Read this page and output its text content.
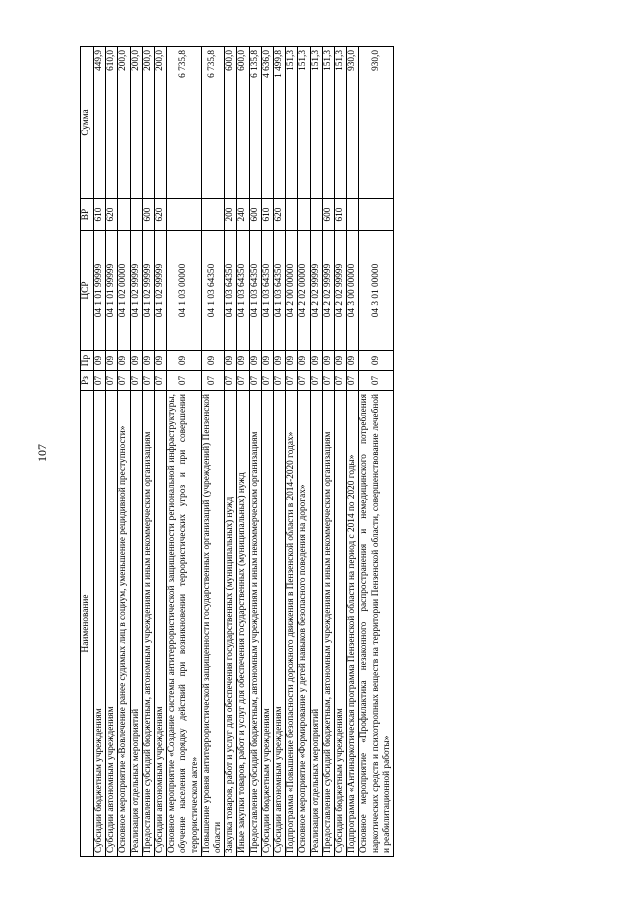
107
Наименование	Рз	Пр	ЦСР	ВР	Сумма
Субсидии бюджетным учреждениям	07	09	04 1 01 99999	610	449,9
Субсидии автономным учреждениям	07	09	04 1 01 99999	620	610,0
Основное мероприятие «Вовлечение ранее судимых лиц в социум, уменьшение рецидивной преступности»	07	09	04 1 02 00000		200,0
Реализация отдельных мероприятий	07	09	04 1 02 99999		200,0
Предоставление субсидий бюджетным, автономным учреждениям и иным некоммерческим организациям	07	09	04 1 02 99999	600	200,0
Субсидии автономным учреждениям	07	09	04 1 02 99999	620	200,0
Основное мероприятие «Создание системы антитеррористической защищенности региональной инфраструктуры, обучение населения порядку действий при возникновении террористических угроз и при совершении террористическом акте»	07	09	04 1 03 00000		6 735,8
Повышение уровня антитеррористической защищенности государственных организаций (учреждений) Пензенской области	07	09	04 1 03 64350		6 735,8
Закупка товаров, работ и услуг для обеспечения государственных (муниципальных) нужд	07	09	04 1 03 64350	200	600,0
Иные закупки товаров, работ и услуг для обеспечения государственных (муниципальных) нужд	07	09	04 1 03 64350	240	600,0
Предоставление субсидий бюджетным, автономным учреждениям и иным некоммерческим организациям	07	09	04 1 03 64350	600	6 135,8
Субсидии бюджетным учреждениям	07	09	04 1 03 64350	610	4 636,0
Субсидии автономным учреждениям	07	09	04 1 03 64350	620	1 499,8
Подпрограмма «Повышение безопасности дорожного движения в Пензенской области в 2014-2020 годах»	07	09	04 2 00 00000		151,3
Основное мероприятие «Формирование у детей навыков безопасного поведения на дорогах»	07	09	04 2 02 00000		151,3
Реализация отдельных мероприятий	07	09	04 2 02 99999		151,3
Предоставление субсидий бюджетным, автономным учреждениям и иным некоммерческим организациям	07	09	04 2 02 99999	600	151,3
Субсидии бюджетным учреждениям	07	09	04 2 02 99999	610	151,3
Подпрограмма «Антинаркотическая программа Пензенской области на период с 2014 по 2020 годы»	07	09	04 3 00 00000		930,0
Основное мероприятие «Профилактика незаконного распространения и немедицинского потребления наркотических средств и психотропных веществ на территории Пензенской области, совершенствование лечебной и реабилитационной работы»	07	09	04 3 01 00000		930,0
